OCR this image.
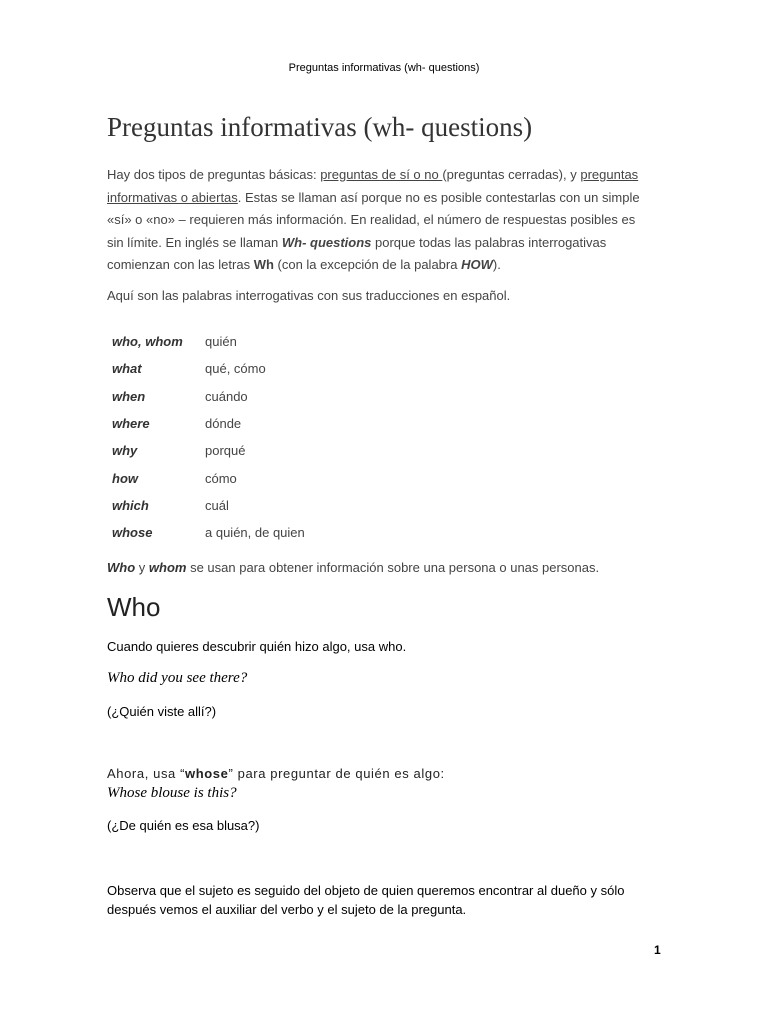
Preguntas informativas (wh- questions)
Preguntas informativas (wh- questions)

Hay dos tipos de preguntas básicas: preguntas de sí o no (preguntas cerradas), y preguntas informativas o abiertas. Estas se llaman así porque no es posible contestarlas con un simple «sí» o «no» – requieren más información. En realidad, el número de respuestas posibles es sin límite. En inglés se llaman Wh- questions porque todas las palabras interrogativas comienzan con las letras Wh (con la excepción de la palabra HOW).

Aquí son las palabras interrogativas con sus traducciones en español.

who, whom	quién
what	qué, cómo
when	cuándo
where	dónde
why	porqué
how	cómo
which	cuál
whose	a quién, de quien

Who y whom se usan para obtener información sobre una persona o unas personas.

Who

Cuando quieres descubrir quién hizo algo, usa who.

Who did you see there?

(¿Quién viste allí?)

Ahora, usa “whose” para preguntar de quién es algo:

Whose blouse is this?

(¿De quién es esa blusa?)

Observa que el sujeto es seguido del objeto de quien queremos encontrar al dueño y sólo después vemos el auxiliar del verbo y el sujeto de la pregunta.

1
